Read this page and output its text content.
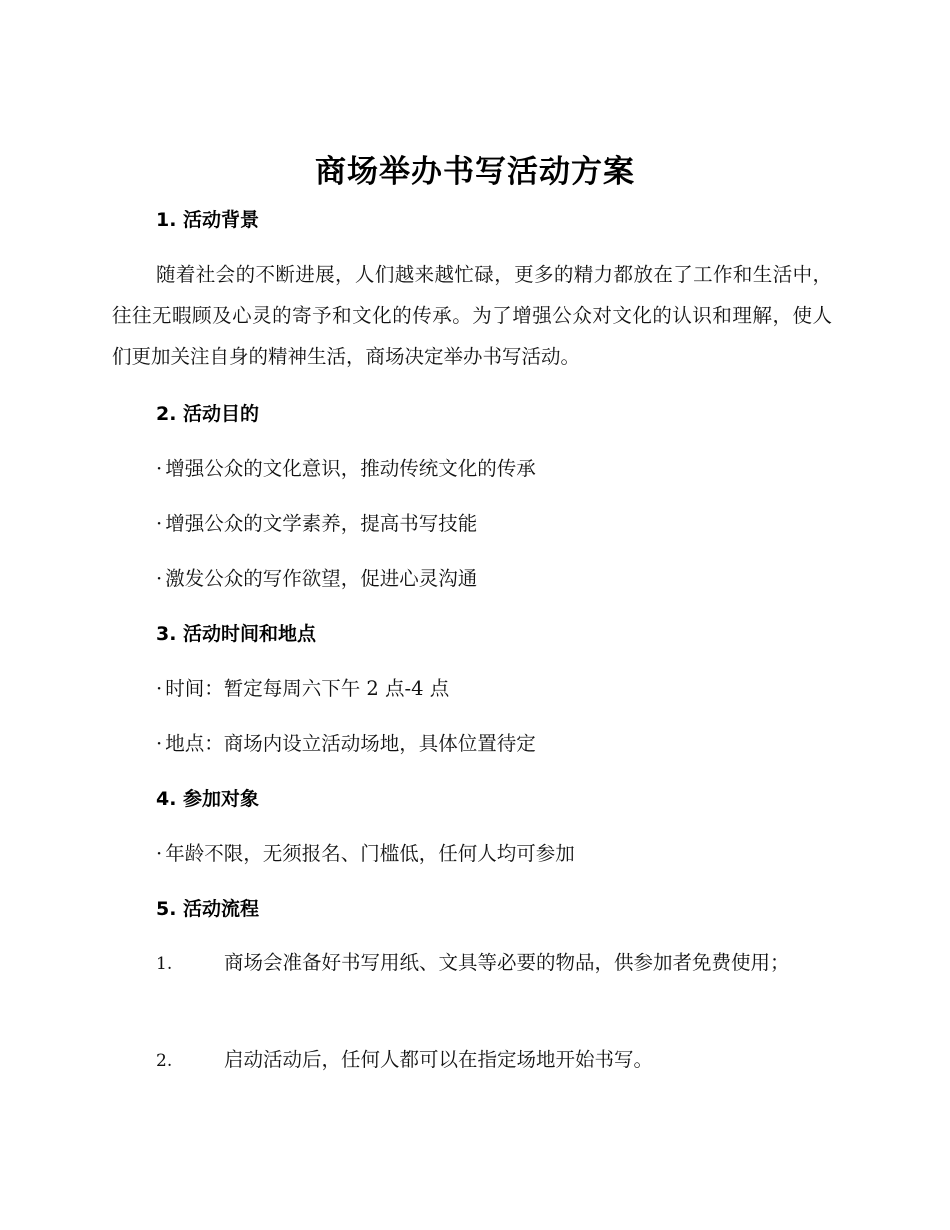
商场举办书写活动方案
1. 活动背景
随着社会的不断进展，人们越来越忙碌，更多的精力都放在了工作和生活中，往往无暇顾及心灵的寄予和文化的传承。为了增强公众对文化的认识和理解，使人们更加关注自身的精神生活，商场决定举办书写活动。
2. 活动目的
· 增强公众的文化意识，推动传统文化的传承
· 增强公众的文学素养，提高书写技能
· 激发公众的写作欲望，促进心灵沟通
3. 活动时间和地点
· 时间：暂定每周六下午 2 点-4 点
· 地点：商场内设立活动场地，具体位置待定
4. 参加对象
· 年龄不限，无须报名、门槛低，任何人均可参加
5. 活动流程
1.	商场会准备好书写用纸、文具等必要的物品，供参加者免费使用；
2.	启动活动后，任何人都可以在指定场地开始书写。
